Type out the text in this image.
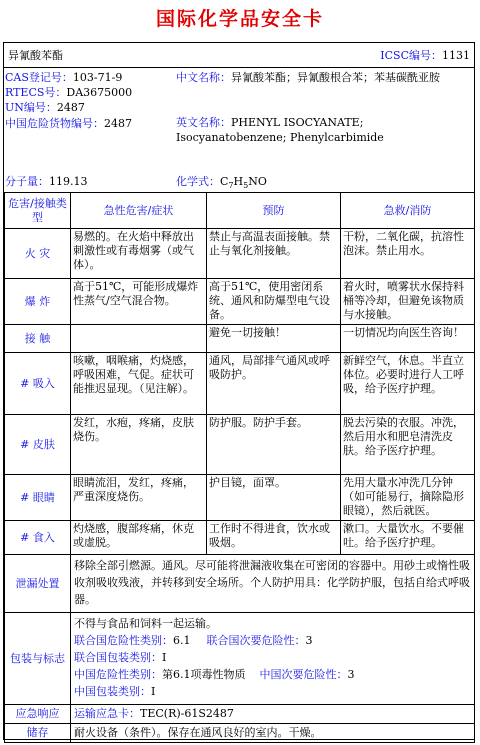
国际化学品安全卡
异氰酸苯酯	ICSC编号：1131
CAS登记号：103-71-9
RTECS号：DA3675000
UN编号：2487
中国危险货物编号：2487
中文名称：异氰酸苯酯；异氰酸根合苯；苯基碳酰亚胺
英文名称：PHENYL ISOCYANATE; Isocyanatobenzene; Phenylcarbimide
分子量：119.13	化学式：$C_7H_5NO$
危害/接触类型	急性危害/症状	预防	急救/消防
火 灾	易燃的。在火焰中释放出刺激性或有毒烟雾（或气体）。	禁止与高温表面接触。禁止与氧化剂接触。	干粉，二氧化碳，抗溶性泡沫。禁止用水。
爆 炸	高于51℃，可能形成爆炸性蒸气/空气混合物。	高于51℃，使用密闭系统、通风和防爆型电气设备。	着火时，喷雾状水保持料桶等冷却，但避免该物质与水接触。
接 触		避免一切接触！	一切情况均向医生咨询！
# 吸入	咳嗽，咽喉痛，灼烧感，呼吸困难，气促。症状可能推迟显现。（见注解）。	通风，局部排气通风或呼吸防护。	新鲜空气，休息。半直立体位。必要时进行人工呼吸，给予医疗护理。
# 皮肤	发红，水疱，疼痛，皮肤烧伤。	防护服。防护手套。	脱去污染的衣服。冲洗，然后用水和肥皂清洗皮肤。给予医疗护理。
# 眼睛	眼睛流泪，发红，疼痛，严重深度烧伤。	护目镜，面罩。	先用大量水冲洗几分钟（如可能易行，摘除隐形眼镜），然后就医。
# 食入	灼烧感，腹部疼痛，休克或虚脱。	工作时不得进食，饮水或吸烟。	漱口。大量饮水。不要催吐。给予医疗护理。
泄漏处置	移除全部引燃源。通风。尽可能将泄漏液收集在可密闭的容器中。用砂土或惰性吸收剂吸收残液，并转移到安全场所。个人防护用具：化学防护服，包括自给式呼吸器。		
包装与标志	不得与食品和饲料一起运输。
联合国危险性类别：6.1 联合国次要危险性：3
联合国包装类别：I
中国危险性类别：第6.1项毒性物质 中国次要危险性：3
中国包装类别：I		

应急响应	运输应急卡：TEC(R)-61S2487		
储存	耐火设备（条件）。保存在通风良好的室内。干燥。		
